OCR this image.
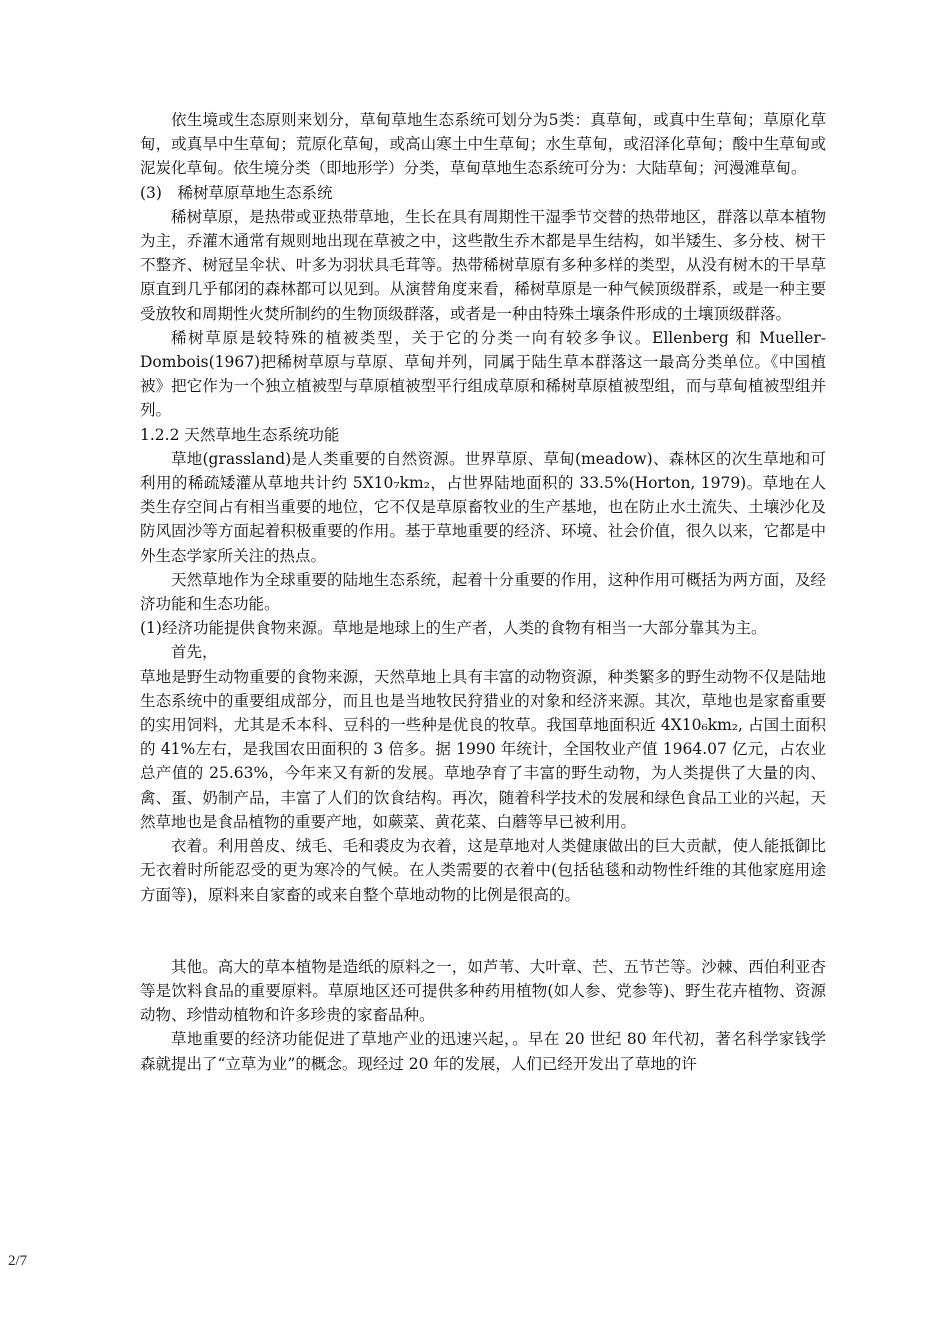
依生境或生态原则来划分，草甸草地生态系统可划分为5类：真草甸，或真中生草甸；草原化草甸，或真旱中生草甸；荒原化草甸，或高山寒土中生草甸；水生草甸，或沼泽化草甸；酸中生草甸或泥炭化草甸。依生境分类（即地形学）分类，草甸草地生态系统可分为：大陆草甸；河漫滩草甸。

(3)　稀树草原草地生态系统

稀树草原，是热带或亚热带草地，生长在具有周期性干湿季节交替的热带地区，群落以草本植物为主，乔灌木通常有规则地出现在草被之中，这些散生乔木都是旱生结构，如半矮生、多分枝、树干不整齐、树冠呈伞状、叶多为羽状具毛茸等。热带稀树草原有多种多样的类型，从没有树木的干旱草原直到几乎郁闭的森林都可以见到。从演替角度来看，稀树草原是一种气候顶级群系，或是一种主要受放牧和周期性火焚所制约的生物顶级群落，或者是一种由特殊土壤条件形成的土壤顶级群落。

稀树草原是较特殊的植被类型，关于它的分类一向有较多争议。Ellenberg 和 Mueller-Dombois(1967)把稀树草原与草原、草甸并列，同属于陆生草本群落这一最高分类单位。《中国植被》把它作为一个独立植被型与草原植被型平行组成草原和稀树草原植被型组，而与草甸植被型组并列。

1.2.2 天然草地生态系统功能

草地(grassland)是人类重要的自然资源。世界草原、草甸(meadow)、森林区的次生草地和可利用的稀疏矮灌从草地共计约 5X10₇km₂，占世界陆地面积的 33.5%(Horton, 1979)。草地在人类生存空间占有相当重要的地位，它不仅是草原畜牧业的生产基地，也在防止水土流失、土壤沙化及防风固沙等方面起着积极重要的作用。基于草地重要的经济、环境、社会价值，很久以来，它都是中外生态学家所关注的热点。

天然草地作为全球重要的陆地生态系统，起着十分重要的作用，这种作用可概括为两方面，及经济功能和生态功能。

(1)经济功能提供食物来源。草地是地球上的生产者，人类的食物有相当一大部分靠其为主。

首先，

草地是野生动物重要的食物来源，天然草地上具有丰富的动物资源，种类繁多的野生动物不仅是陆地生态系统中的重要组成部分，而且也是当地牧民狩猎业的对象和经济来源。其次，草地也是家畜重要的实用饲料，尤其是禾本科、豆科的一些种是优良的牧草。我国草地面积近 4X10₆km₂, 占国土面积的 41%左右，是我国农田面积的 3 倍多。据 1990 年统计，全国牧业产值 1964.07 亿元，占农业总产值的 25.63%，今年来又有新的发展。草地孕育了丰富的野生动物，为人类提供了大量的肉、禽、蛋、奶制产品，丰富了人们的饮食结构。再次，随着科学技术的发展和绿色食品工业的兴起，天然草地也是食品植物的重要产地，如蕨菜、黄花菜、白蘑等早已被利用。

衣着。利用兽皮、绒毛、毛和裘皮为衣着，这是草地对人类健康做出的巨大贡献，使人能抵御比无衣着时所能忍受的更为寒冷的气候。在人类需要的衣着中(包括毡毯和动物性纤维的其他家庭用途方面等)，原料来自家畜的或来自整个草地动物的比例是很高的。

其他。高大的草本植物是造纸的原料之一，如芦苇、大叶章、芒、五节芒等。沙棘、西伯利亚杏等是饮料食品的重要原料。草原地区还可提供多种药用植物(如人参、党参等)、野生花卉植物、资源动物、珍惜动植物和许多珍贵的家畜品种。

草地重要的经济功能促进了草地产业的迅速兴起，。早在 20 世纪 80 年代初，著名科学家钱学森就提出了“立草为业”的概念。现经过 20 年的发展，人们已经开发出了草地的许

2/7
